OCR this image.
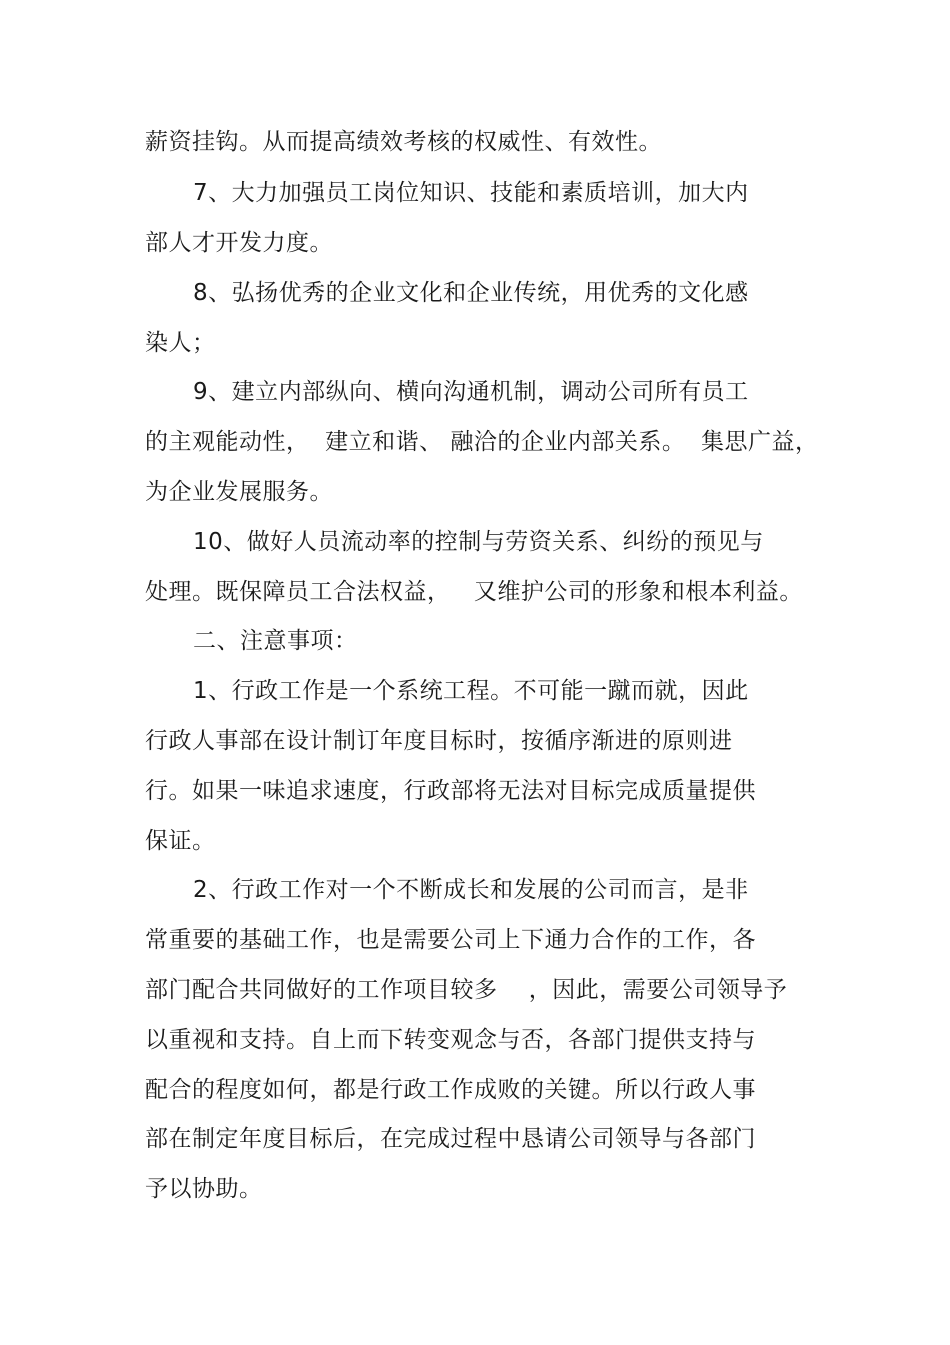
薪资挂钩。从而提高绩效考核的权威性、有效性。
7、大力加强员工岗位知识、技能和素质培训，加大内
部人才开发力度。
8、弘扬优秀的企业文化和企业传统，用优秀的文化感
染人；
9、建立内部纵向、横向沟通机制，调动公司所有员工
的主观能动性，  建立和谐、 融洽的企业内部关系。  集思广益，
为企业发展服务。
10、做好人员流动率的控制与劳资关系、纠纷的预见与
处理。既保障员工合法权益，   又维护公司的形象和根本利益。
二、注意事项：
1、行政工作是一个系统工程。不可能一蹴而就，因此
行政人事部在设计制订年度目标时，按循序渐进的原则进
行。如果一味追求速度，行政部将无法对目标完成质量提供
保证。
2、行政工作对一个不断成长和发展的公司而言，是非
常重要的基础工作，也是需要公司上下通力合作的工作，各
部门配合共同做好的工作项目较多    ，因此，需要公司领导予
以重视和支持。自上而下转变观念与否，各部门提供支持与
配合的程度如何，都是行政工作成败的关键。所以行政人事
部在制定年度目标后，在完成过程中恳请公司领导与各部门
予以协助。
